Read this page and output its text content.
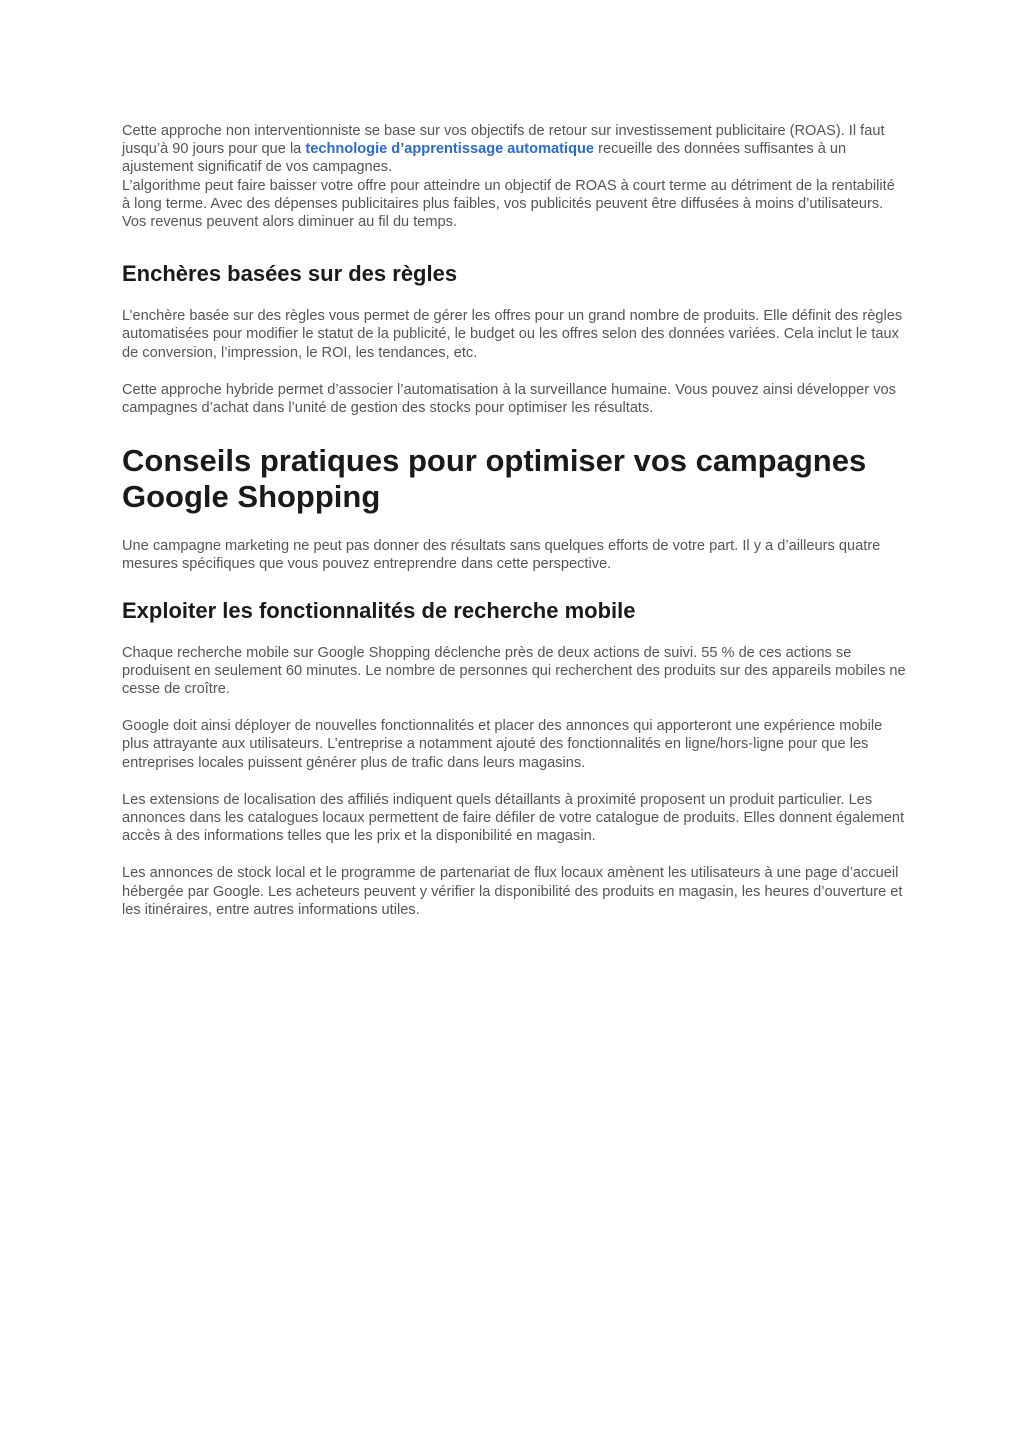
Cette approche non interventionniste se base sur vos objectifs de retour sur investissement publicitaire (ROAS). Il faut jusqu’à 90 jours pour que la technologie d’apprentissage automatique recueille des données suffisantes à un ajustement significatif de vos campagnes.

L’algorithme peut faire baisser votre offre pour atteindre un objectif de ROAS à court terme au détriment de la rentabilité à long terme. Avec des dépenses publicitaires plus faibles, vos publicités peuvent être diffusées à moins d’utilisateurs. Vos revenus peuvent alors diminuer au fil du temps.

Enchères basées sur des règles

L’enchère basée sur des règles vous permet de gérer les offres pour un grand nombre de produits. Elle définit des règles automatisées pour modifier le statut de la publicité, le budget ou les offres selon des données variées. Cela inclut le taux de conversion, l’impression, le ROI, les tendances, etc.

Cette approche hybride permet d’associer l’automatisation à la surveillance humaine. Vous pouvez ainsi développer vos campagnes d’achat dans l’unité de gestion des stocks pour optimiser les résultats.

Conseils pratiques pour optimiser vos campagnes Google Shopping

Une campagne marketing ne peut pas donner des résultats sans quelques efforts de votre part. Il y a d’ailleurs quatre mesures spécifiques que vous pouvez entreprendre dans cette perspective.

Exploiter les fonctionnalités de recherche mobile

Chaque recherche mobile sur Google Shopping déclenche près de deux actions de suivi. 55 % de ces actions se produisent en seulement 60 minutes. Le nombre de personnes qui recherchent des produits sur des appareils mobiles ne cesse de croître.

Google doit ainsi déployer de nouvelles fonctionnalités et placer des annonces qui apporteront une expérience mobile plus attrayante aux utilisateurs. L’entreprise a notamment ajouté des fonctionnalités en ligne/hors-ligne pour que les entreprises locales puissent générer plus de trafic dans leurs magasins.

Les extensions de localisation des affiliés indiquent quels détaillants à proximité proposent un produit particulier. Les annonces dans les catalogues locaux permettent de faire défiler de votre catalogue de produits. Elles donnent également accès à des informations telles que les prix et la disponibilité en magasin.

Les annonces de stock local et le programme de partenariat de flux locaux amènent les utilisateurs à une page d’accueil hébergée par Google. Les acheteurs peuvent y vérifier la disponibilité des produits en magasin, les heures d’ouverture et les itinéraires, entre autres informations utiles.
